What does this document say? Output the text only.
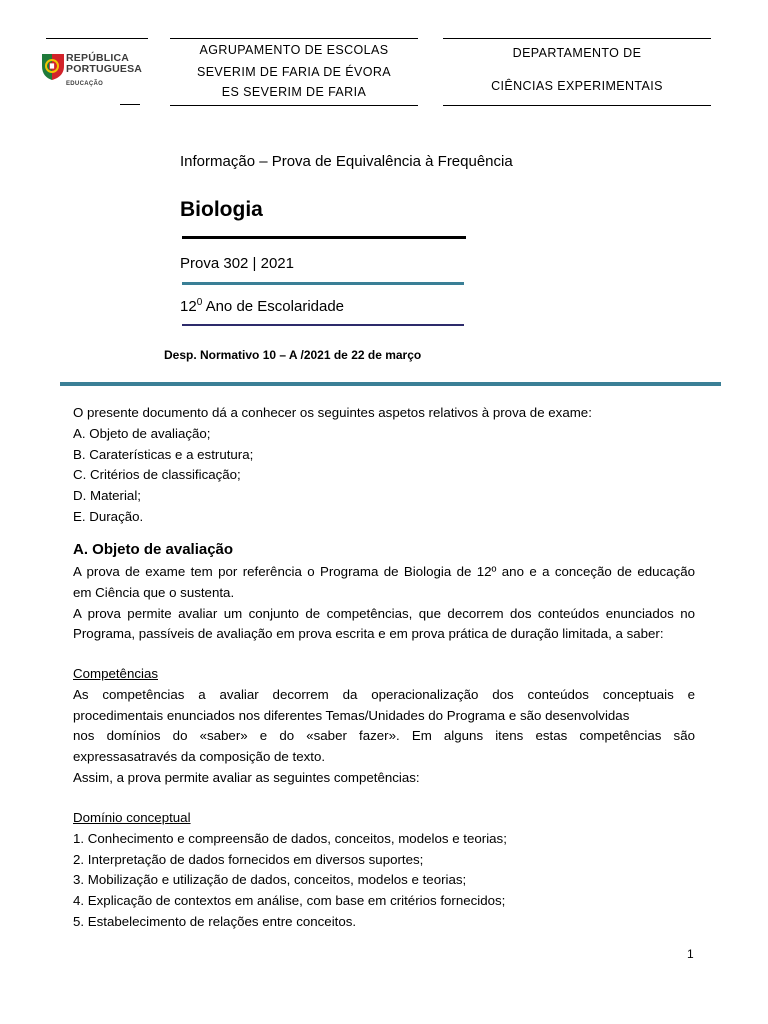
REPÚBLICA
PORTUGUESA
EDUCAÇÃO
AGRUPAMENTO DE ESCOLAS
SEVERIM DE FARIA DE ÉVORA
ES SEVERIM DE FARIA
DEPARTAMENTO DE
CIÊNCIAS EXPERIMENTAIS
Informação – Prova de Equivalência à Frequência
Biologia
Prova 302 | 2021
$12^0$ Ano de Escolaridade
Desp. Normativo 10 – A /2021 de 22 de março
O presente documento dá a conhecer os seguintes aspetos relativos à prova de exame:
A. Objeto de avaliação;
B. Caraterísticas e a estrutura;
C. Critérios de classificação;
D. Material;
E. Duração.
A. Objeto de avaliação
A prova de exame tem por referência o Programa de Biologia de 12º ano e a conceção de educação
em Ciência que o sustenta.
A prova permite avaliar um conjunto de competências, que decorrem dos conteúdos enunciados no
Programa, passíveis de avaliação em prova escrita e em prova prática de duração limitada, a saber:
Competências
As competências a avaliar decorrem da operacionalização dos conteúdos conceptuais e
procedimentais enunciados nos diferentes Temas/Unidades do Programa e são desenvolvidas
nos domínios do «saber» e do «saber fazer». Em alguns itens estas competências são
expressasatravés da composição de texto.
Assim, a prova permite avaliar as seguintes competências:
Domínio conceptual
1. Conhecimento e compreensão de dados, conceitos, modelos e teorias;
2. Interpretação de dados fornecidos em diversos suportes;
3. Mobilização e utilização de dados, conceitos, modelos e teorias;
4. Explicação de contextos em análise, com base em critérios fornecidos;
5. Estabelecimento de relações entre conceitos.
1
